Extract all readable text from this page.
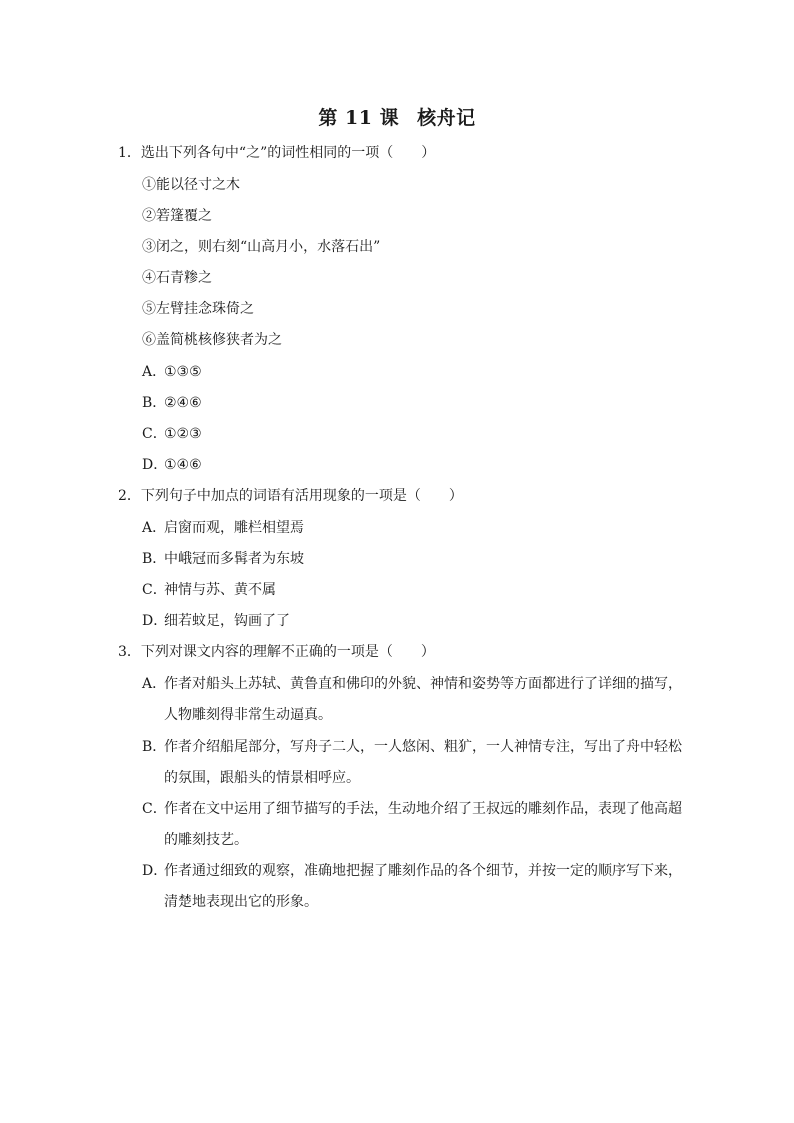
第 11 课 核舟记
1．选出下列各句中“之”的词性相同的一项（　　）
①能以径寸之木
②箬篷覆之
③闭之，则右刻“山高月小，水落石出”
④石青糁之
⑤左臂挂念珠倚之
⑥盖简桃核修狭者为之
A．①③⑤
B．②④⑥
C．①②③
D．①④⑥
2．下列句子中加点的词语有活用现象的一项是（　　）
A．启窗而观，雕栏相望焉
B．中峨冠而多髯者为东坡
C．神情与苏、黄不属
D．细若蚊足，钩画了了
3．下列对课文内容的理解不正确的一项是（　　）
A．
作者对船头上苏轼、黄鲁直和佛印的外貌、神情和姿势等方面都进行了详细的描写，人物雕刻得非常生动逼真。
B．
作者介绍船尾部分，写舟子二人，一人悠闲、粗犷，一人神情专注，写出了舟中轻松的氛围，跟船头的情景相呼应。
C．
作者在文中运用了细节描写的手法，生动地介绍了王叔远的雕刻作品，表现了他高超的雕刻技艺。
D．
作者通过细致的观察，准确地把握了雕刻作品的各个细节，并按一定的顺序写下来，清楚地表现出它的形象。
